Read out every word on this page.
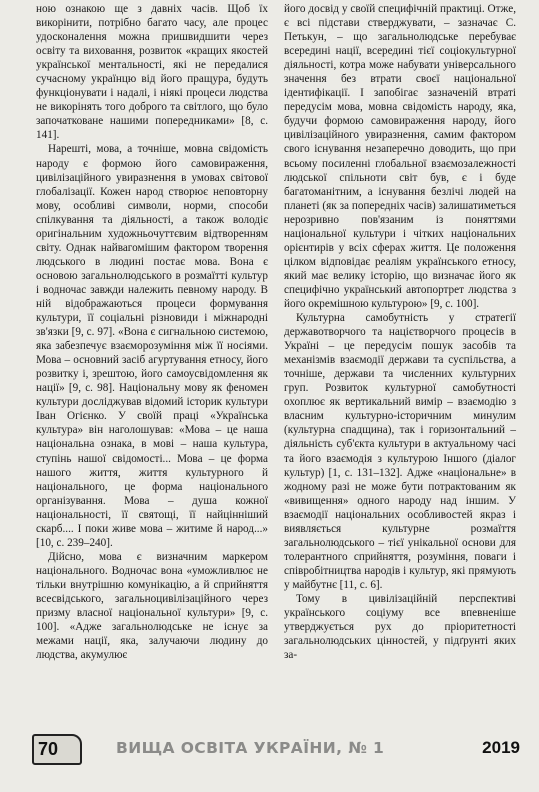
ною ознакою ще з давніх часів. Щоб їх викорінити, потрібно багато часу, але процес удосконалення можна пришвидшити через освіту та виховання, розвиток «кращих якостей української ментальності, які не передалися сучасному українцю від його пращура, будуть функціонувати і надалі, і ніякі процеси людства не викорінять того доброго та світлого, що було започатковане нашими попередниками» [8, с. 141].

Нарешті, мова, а точніше, мовна свідомість народу є формою його самовираження, цивілізаційного увиразнення в умовах світової глобалізації. Кожен народ створює неповторну мову, особливі символи, норми, способи спілкування та діяльності, а також володіє оригінальним художньочуттєвим відтворенням світу. Однак найвагомішим фактором творення людського в людині постає мова. Вона є основою загальнолюдського в розмаїтті культур і водночас завжди належить певному народу. В ній відображаються процеси формування культури, її соціальні різновиди і міжнародні зв'язки [9, с. 97]. «Вона є сигнальною системою, яка забезпечує взаєморозуміння між її носіями. Мова – основний засіб агуртування етносу, його розвитку і, зрештою, його самоусвідомлення як нації» [9, с. 98]. Національну мову як феномен культури досліджував відомий історик культури Іван Огієнко. У своїй праці «Українська культура» він наголошував: «Мова – це наша національна ознака, в мові – наша культура, ступінь нашої свідомості... Мова – це форма нашого життя, життя культурного й національного, це форма національного організування. Мова – душа кожної національності, її святощі, її найцінніший скарб.... І поки живе мова – житиме й народ...» [10, с. 239–240].

Дійсно, мова є визначним маркером національного. Водночас вона «уможливлює не тільки внутрішню комунікацію, а й сприйняття всесвідського, загальноцивілізаційного через призму власної національної культури» [9, с. 100]. «Адже загальнолюдське не існує за межами нації, яка, залучаючи людину до людства, акумулює

його досвід у своїй специфічній практиці. Отже, є всі підстави стверджувати, – зазначає С. Петькун, – що загальнолюдське перебуває всередині нації, всередині тієї соціокультурної діяльності, котра може набувати універсального значення без втрати своєї національної ідентифікації. І запобігає зазначеній втраті передусім мова, мовна свідомість народу, яка, будучи формою самовираження народу, його цивілізаційного увиразнення, самим фактором свого існування незаперечно доводить, що при всьому посиленні глобальної взаємозалежності людської спільноти світ був, є і буде багатоманітним, а існування безлічі людей на планеті (як за попередніх часів) залишатиметься нерозривно пов'язаним із поняттями національної культури і чітких національних орієнтирів у всіх сферах життя. Це положення цілком відповідає реаліям українського етносу, який має велику історію, що визначає його як специфічно український автопортрет людства з його окремішною культурою» [9, с. 100].

Культурна самобутність у стратегії державотворчого та націєтворчого процесів в Україні – це передусім пошук засобів та механізмів взаємодії держави та суспільства, а точніше, держави та численних культурних груп. Розвиток культурної самобутності охоплює як вертикальний вимір – взаємодію з власним культурно-історичним минулим (культурна спадщина), так і горизонтальний – діяльність суб'єкта культури в актуальному часі та його взаємодія з культурою Іншого (діалог культур) [1, с. 131–132]. Адже «національне» в жодному разі не може бути потрактованим як «вивищення» одного народу над іншим. У взаємодії національних особливостей якраз і виявляється культурне розмаїття загальнолюдського – тієї унікальної основи для толерантного сприйняття, розуміння, поваги і співробітництва народів і культур, які прямують у майбутнє [11, с. 6].

Тому в цивілізаційній перспективі українського соціуму все впевненіше утверджується рух до пріоритетності загальнолюдських цінностей, у підґрунті яких за-

70	ВИЩА ОСВІТА УКРАЇНИ, № 1	2019
